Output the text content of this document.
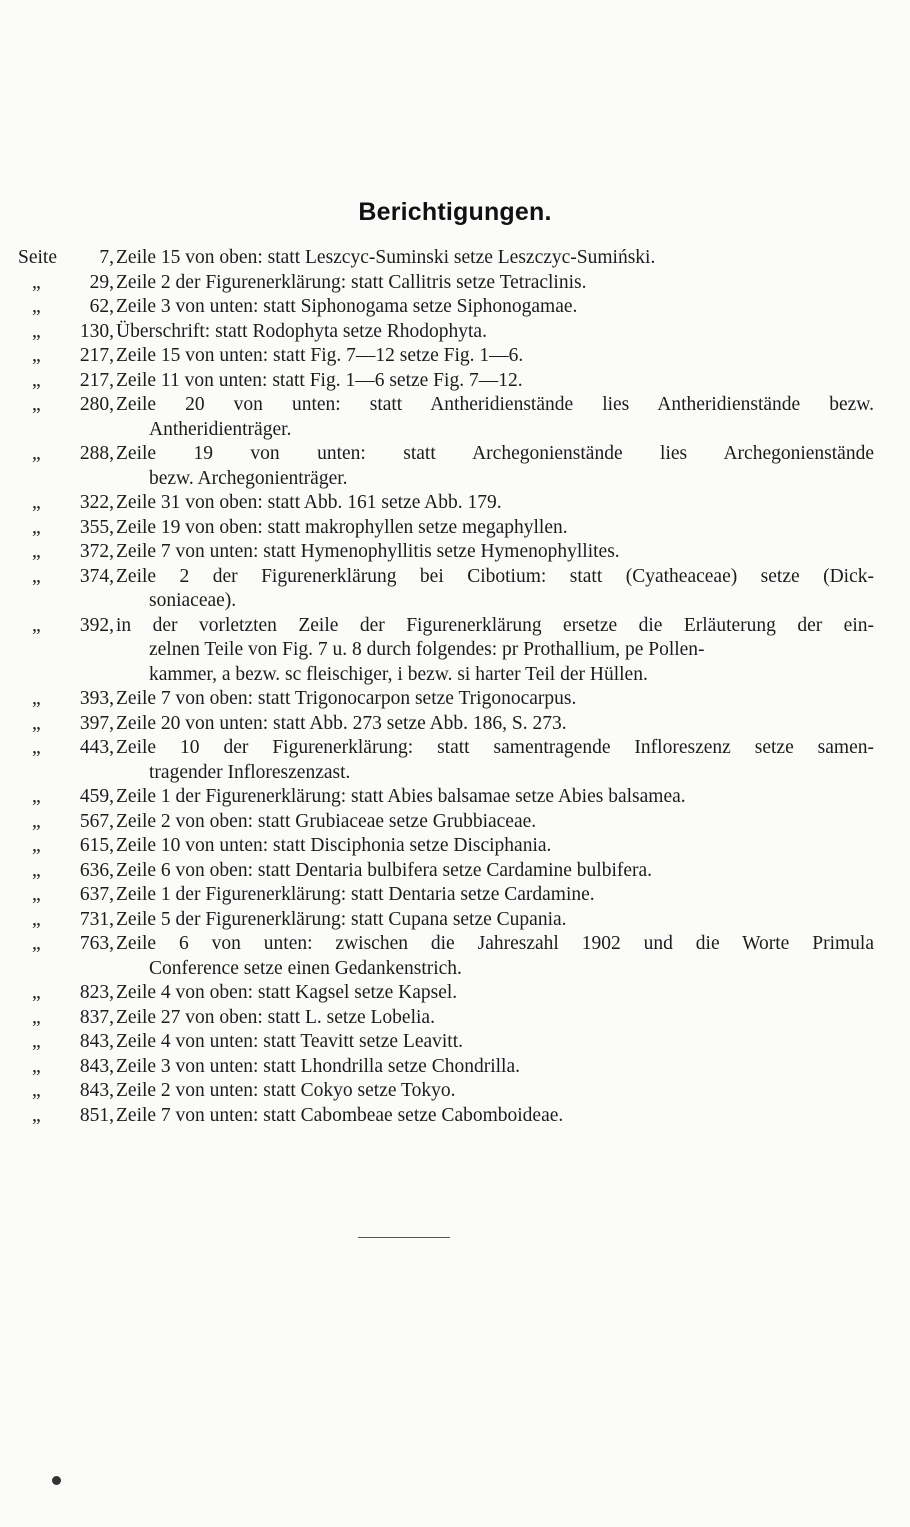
Berichtigungen.
Seite 7, Zeile 15 von oben: statt Leszcyc-Suminski setze Leszczyc-Sumiński.
„	29, Zeile 2 der Figurenerklärung: statt Callitris setze Tetraclinis.
„	62, Zeile 3 von unten: statt Siphonogama setze Siphonogamae.
„ 130, Überschrift: statt Rodophyta setze Rhodophyta.
„ 217, Zeile 15 von unten: statt Fig. 7—12 setze Fig. 1—6.
„ 217, Zeile 11 von unten: statt Fig. 1—6 setze Fig. 7—12.
„ 280, Zeile 20 von unten: statt Antheridienstände lies Antheridienstände bezw.
Antheridienträger.
„ 288, Zeile 19 von unten: statt Archegonienstände lies Archegonienstände
bezw. Archegonienträger.
„ 322, Zeile 31 von oben: statt Abb. 161 setze Abb. 179.
„ 355, Zeile 19 von oben: statt makrophyllen setze megaphyllen.
„ 372, Zeile 7 von unten: statt Hymenophyllitis setze Hymenophyllites.
„ 374, Zeile 2 der Figurenerklärung bei Cibotium: statt (Cyatheaceae) setze (Dick-
soniaceae).
„ 392, in der vorletzten Zeile der Figurenerklärung ersetze die Erläuterung der ein-
zelnen Teile von Fig. 7 u. 8 durch folgendes: pr Prothallium, pe Pollen-
kammer, a bezw. sc fleischiger, i bezw. si harter Teil der Hüllen.
„ 393, Zeile 7 von oben: statt Trigonocarpon setze Trigonocarpus.
„ 397, Zeile 20 von unten: statt Abb. 273 setze Abb. 186, S. 273.
„ 443, Zeile 10 der Figurenerklärung: statt samentragende Infloreszenz setze samen-
tragender Infloreszenzast.
„ 459, Zeile 1 der Figurenerklärung: statt Abies balsamae setze Abies balsamea.
„ 567, Zeile 2 von oben: statt Grubiaceae setze Grubbiaceae.
„ 615, Zeile 10 von unten: statt Disciphonia setze Disciphania.
„ 636, Zeile 6 von oben: statt Dentaria bulbifera setze Cardamine bulbifera.
„ 637, Zeile 1 der Figurenerklärung: statt Dentaria setze Cardamine.
„ 731, Zeile 5 der Figurenerklärung: statt Cupana setze Cupania.
„ 763, Zeile 6 von unten: zwischen die Jahreszahl 1902 und die Worte Primula
Conference setze einen Gedankenstrich.
„ 823, Zeile 4 von oben: statt Kagsel setze Kapsel.
„ 837, Zeile 27 von oben: statt L. setze Lobelia.
„ 843, Zeile 4 von unten: statt Teavitt setze Leavitt.
„ 843, Zeile 3 von unten: statt Lhondrilla setze Chondrilla.
„ 843, Zeile 2 von unten: statt Cokyo setze Tokyo.
„ 851, Zeile 7 von unten: statt Cabombeae setze Cabomboideae.
